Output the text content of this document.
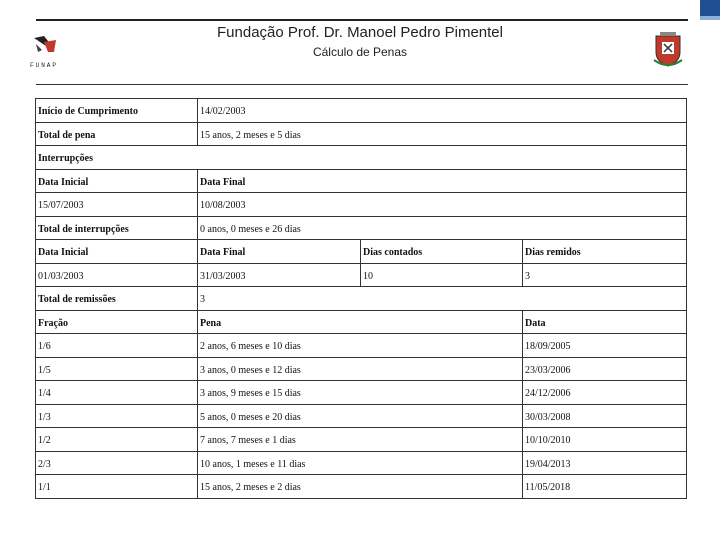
FUNAP
Fundação Prof. Dr. Manoel Pedro Pimentel
Cálculo de Penas
Início de Cumprimento	14/02/2003		
Total de pena	15 anos, 2 meses e 5 dias		
Interrupções			
Data Inicial	Data Final		
15/07/2003	10/08/2003		
Total de interrupções	0 anos, 0 meses e 26 dias		
Data Inicial	Data Final	Dias contados	Dias remidos
01/03/2003	31/03/2003	10	3
Total de remissões	3		
Fração	Pena		Data
1/6	2 anos, 6 meses e 10 dias		18/09/2005
1/5	3 anos, 0 meses e 12 dias		23/03/2006
1/4	3 anos, 9 meses e 15 dias		24/12/2006
1/3	5 anos, 0 meses e 20 dias		30/03/2008
1/2	7 anos, 7 meses e 1 dias		10/10/2010
2/3	10 anos, 1 meses e 11 dias		19/04/2013
1/1	15 anos, 2 meses e 2 dias		11/05/2018
